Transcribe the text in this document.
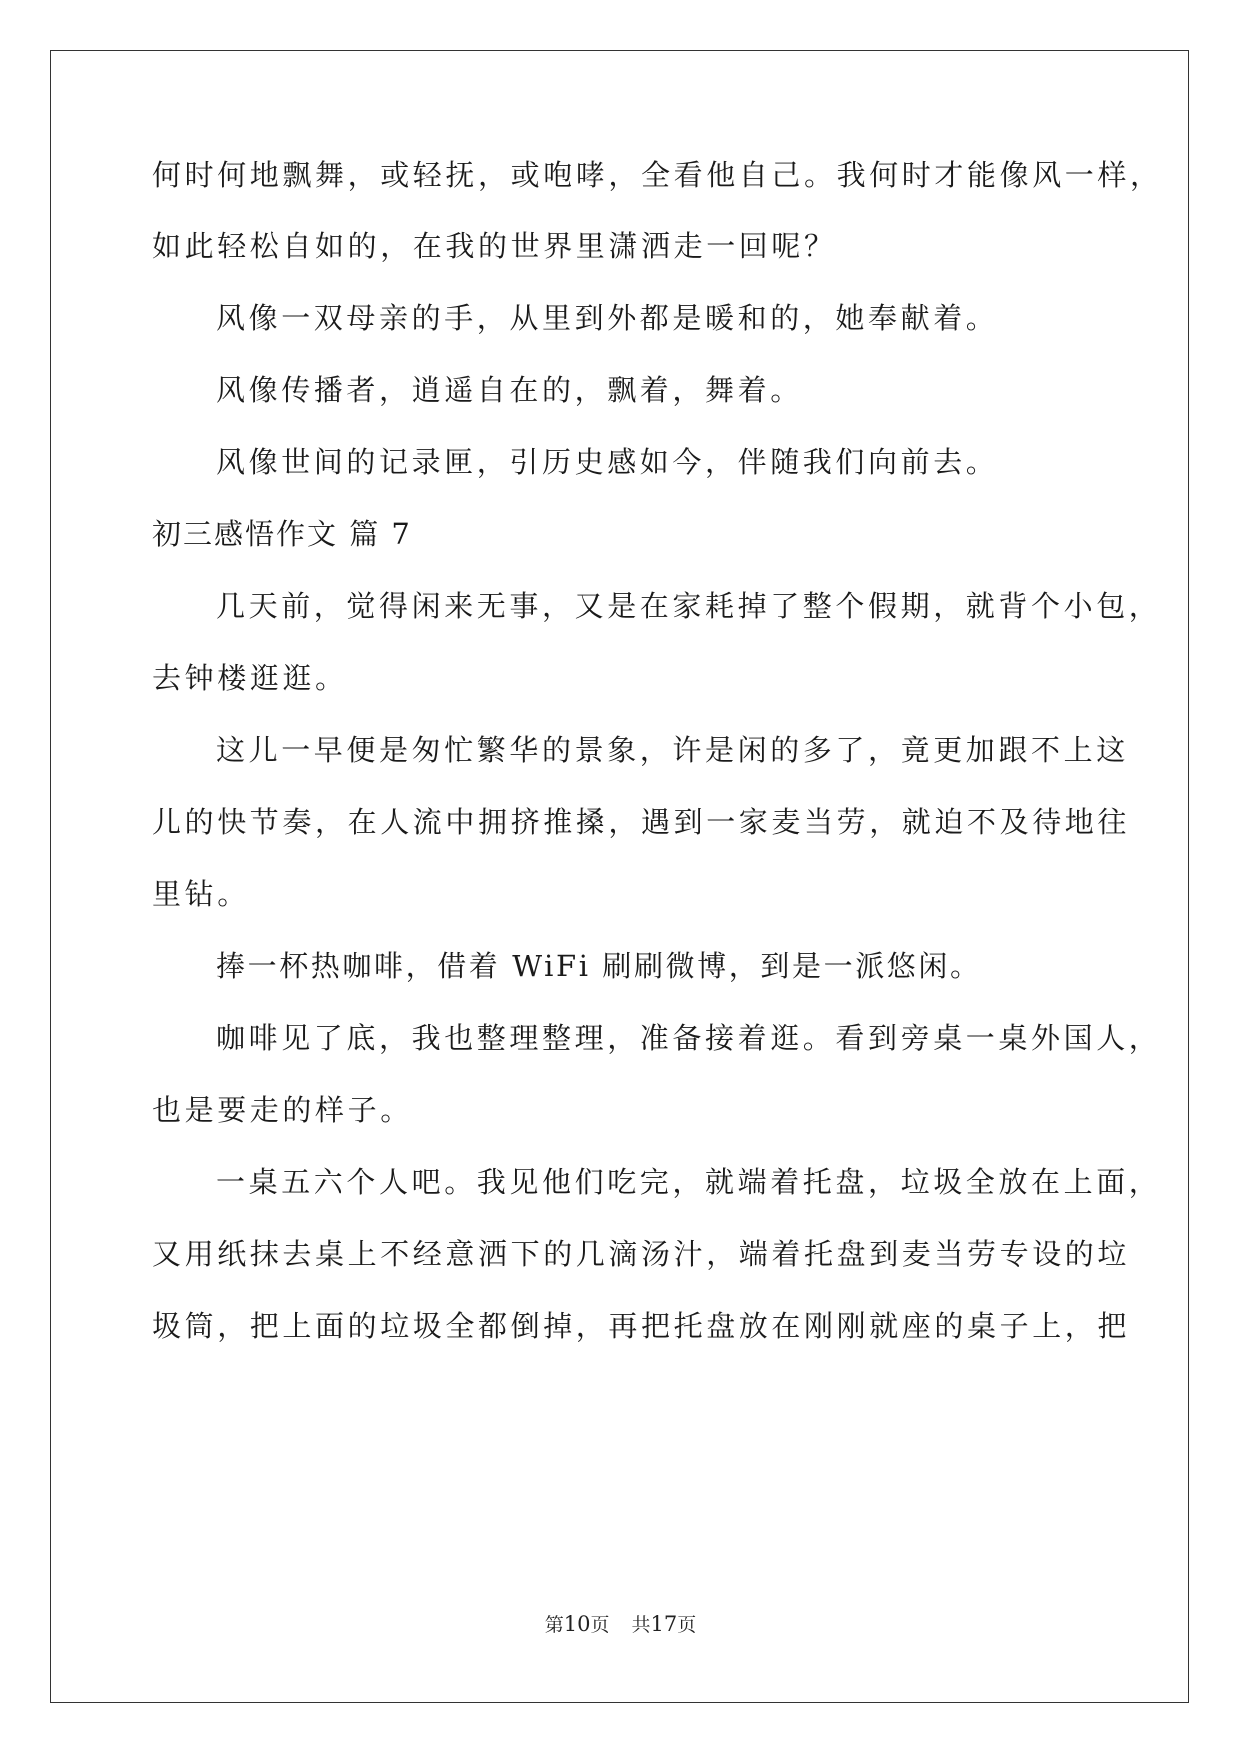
何时何地飘舞，或轻抚，或咆哮，全看他自己。我何时才能像风一样，
如此轻松自如的，在我的世界里潇洒走一回呢？
风像一双母亲的手，从里到外都是暖和的，她奉献着。
风像传播者，逍遥自在的，飘着，舞着。
风像世间的记录匣，引历史感如今，伴随我们向前去。
初三感悟作文 篇 7
几天前，觉得闲来无事，又是在家耗掉了整个假期，就背个小包，
去钟楼逛逛。
这儿一早便是匆忙繁华的景象，许是闲的多了，竟更加跟不上这
儿的快节奏，在人流中拥挤推搡，遇到一家麦当劳，就迫不及待地往
里钻。
捧一杯热咖啡，借着 WiFi 刷刷微博，到是一派悠闲。
咖啡见了底，我也整理整理，准备接着逛。看到旁桌一桌外国人，
也是要走的样子。
一桌五六个人吧。我见他们吃完，就端着托盘，垃圾全放在上面，
又用纸抹去桌上不经意洒下的几滴汤汁，端着托盘到麦当劳专设的垃
圾筒，把上面的垃圾全都倒掉，再把托盘放在刚刚就座的桌子上，把
第10页 共17页
